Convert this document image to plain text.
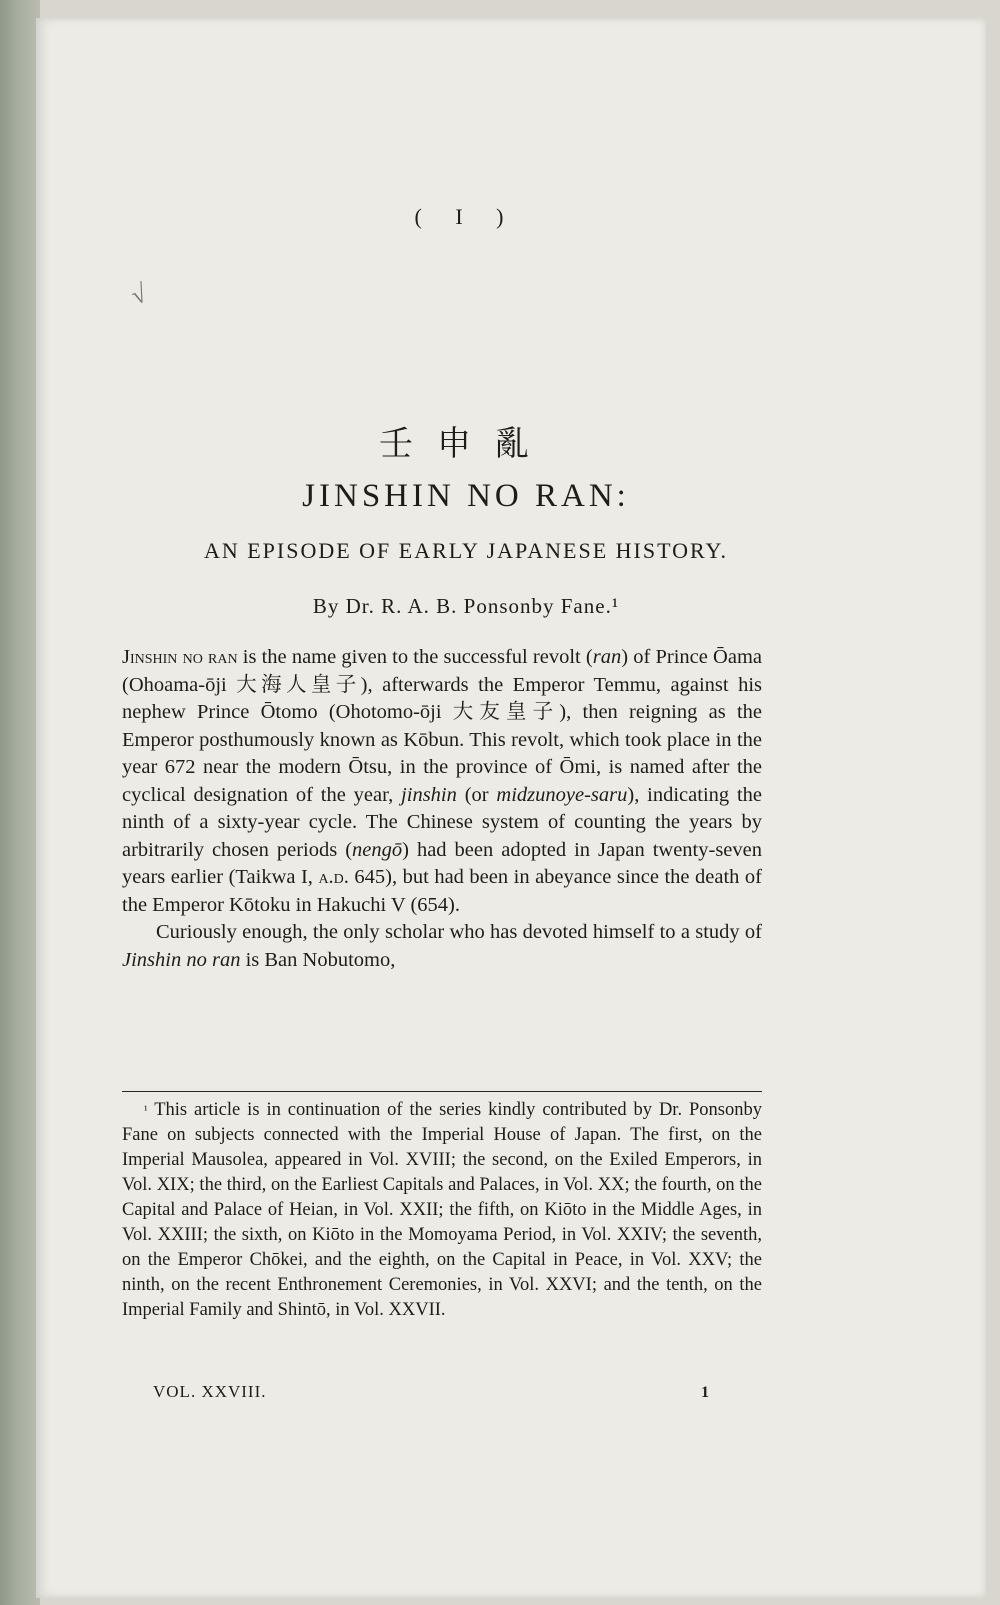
( I )
√
壬申亂
JINSHIN NO RAN:
AN EPISODE OF EARLY JAPANESE HISTORY.
By Dr. R. A. B. Ponsonby Fane.¹

Jinshin no ran is the name given to the successful revolt (ran) of Prince Ōama (Ohoama-ōji 大海人皇子), afterwards the Emperor Temmu, against his nephew Prince Ōtomo (Ohotomo-ōji 大友皇子), then reigning as the Emperor posthumously known as Kōbun. This revolt, which took place in the year 672 near the modern Ōtsu, in the province of Ōmi, is named after the cyclical designation of the year, jinshin (or midzunoye-saru), indicating the ninth of a sixty-year cycle. The Chinese system of counting the years by arbitrarily chosen periods (nengō) had been adopted in Japan twenty-seven years earlier (Taikwa I, a.d. 645), but had been in abeyance since the death of the Emperor Kōtoku in Hakuchi V (654).

Curiously enough, the only scholar who has devoted himself to a study of Jinshin no ran is Ban Nobutomo,

$^{^1}$ This article is in continuation of the series kindly contributed by Dr. Ponsonby Fane on subjects connected with the Imperial House of Japan. The first, on the Imperial Mausolea, appeared in Vol. XVIII; the second, on the Exiled Emperors, in Vol. XIX; the third, on the Earliest Capitals and Palaces, in Vol. XX; the fourth, on the Capital and Palace of Heian, in Vol. XXII; the fifth, on Kiōto in the Middle Ages, in Vol. XXIII; the sixth, on Kiōto in the Momoyama Period, in Vol. XXIV; the seventh, on the Emperor Chōkei, and the eighth, on the Capital in Peace, in Vol. XXV; the ninth, on the recent Enthronement Ceremonies, in Vol. XXVI; and the tenth, on the Imperial Family and Shintō, in Vol. XXVII.

VOL. XXVIII.	1
